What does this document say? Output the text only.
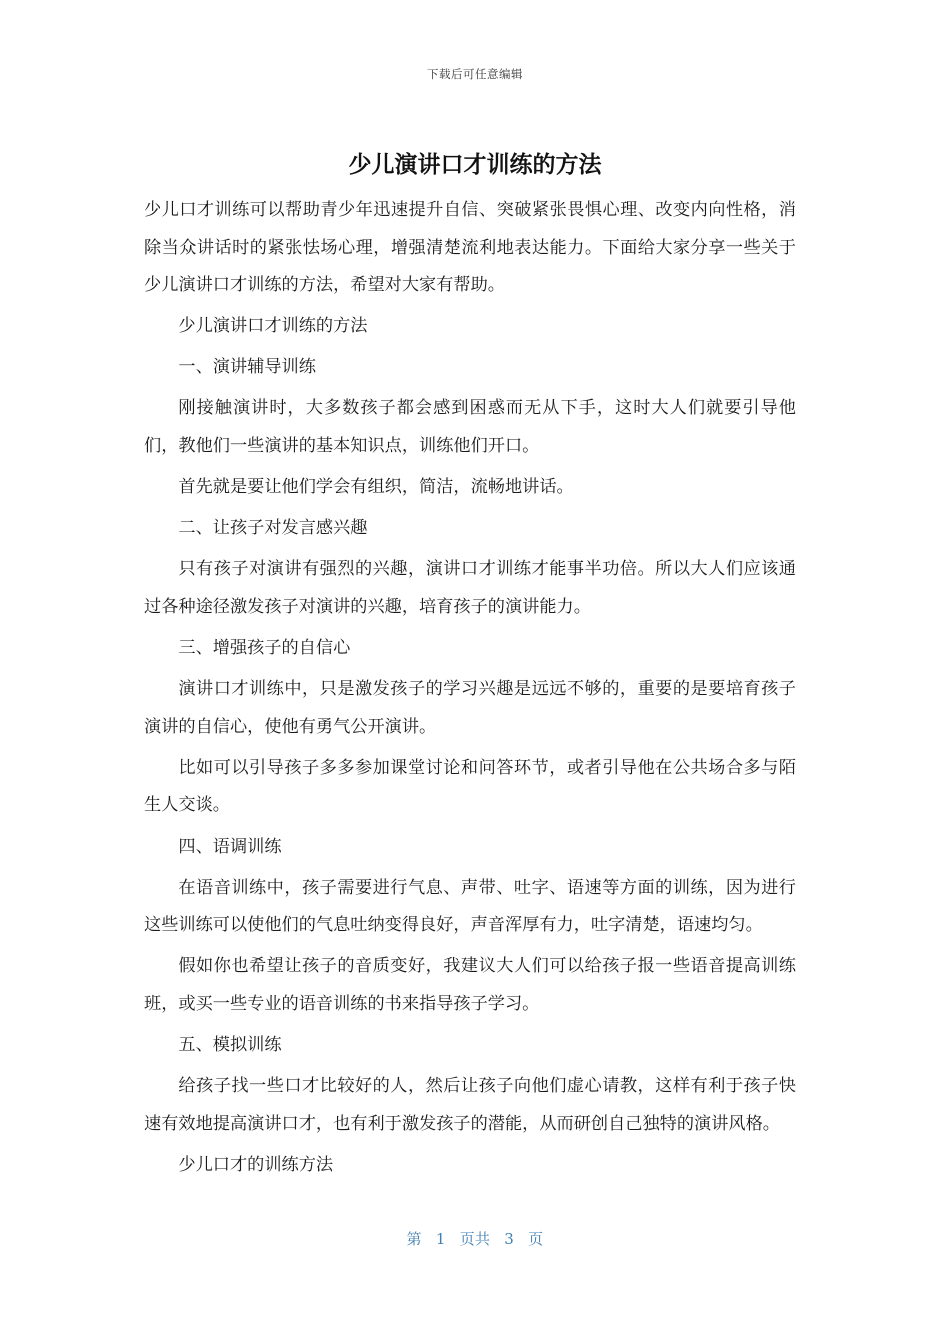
下载后可任意编辑
少儿演讲口才训练的方法

少儿口才训练可以帮助青少年迅速提升自信、突破紧张畏惧心理、改变内向性格，消除当众讲话时的紧张怯场心理，增强清楚流利地表达能力。下面给大家分享一些关于少儿演讲口才训练的方法，希望对大家有帮助。

少儿演讲口才训练的方法

一、演讲辅导训练

刚接触演讲时，大多数孩子都会感到困惑而无从下手，这时大人们就要引导他们，教他们一些演讲的基本知识点，训练他们开口。

首先就是要让他们学会有组织，简洁，流畅地讲话。

二、让孩子对发言感兴趣

只有孩子对演讲有强烈的兴趣，演讲口才训练才能事半功倍。所以大人们应该通过各种途径激发孩子对演讲的兴趣，培育孩子的演讲能力。

三、增强孩子的自信心

演讲口才训练中，只是激发孩子的学习兴趣是远远不够的，重要的是要培育孩子演讲的自信心，使他有勇气公开演讲。

比如可以引导孩子多多参加课堂讨论和问答环节，或者引导他在公共场合多与陌生人交谈。

四、语调训练

在语音训练中，孩子需要进行气息、声带、吐字、语速等方面的训练，因为进行这些训练可以使他们的气息吐纳变得良好，声音浑厚有力，吐字清楚，语速均匀。

假如你也希望让孩子的音质变好，我建议大人们可以给孩子报一些语音提高训练班，或买一些专业的语音训练的书来指导孩子学习。

五、模拟训练

给孩子找一些口才比较好的人，然后让孩子向他们虚心请教，这样有利于孩子快速有效地提高演讲口才，也有利于激发孩子的潜能，从而研创自己独特的演讲风格。

少儿口才的训练方法

第 1 页共 3 页
